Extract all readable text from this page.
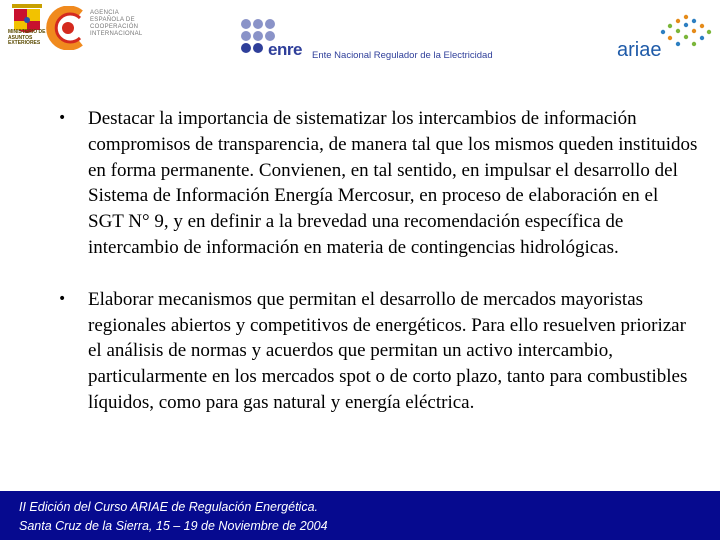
MINISTERIO DE ASUNTOS EXTERIORES
AGENCIA
ESPAÑOLA DE
COOPERACIÓN
INTERNACIONAL
enre Ente Nacional Regulador de la Electricidad	ariae
• Destacar la importancia de sistematizar los intercambios de información compromisos de transparencia, de manera tal que los mismos queden instituidos en forma permanente. Convienen, en tal sentido, en impulsar el desarrollo del Sistema de Información Energía Mercosur, en proceso de elaboración en el SGT N° 9, y en definir a la brevedad una recomendación específica de intercambio de información en materia de contingencias hidrológicas.
• Elaborar mecanismos que permitan el desarrollo de mercados mayoristas regionales abiertos y competitivos de energéticos. Para ello resuelven priorizar el análisis de normas y acuerdos que permitan un activo intercambio, particularmente en los mercados spot o de corto plazo, tanto para combustibles líquidos, como para gas natural y energía eléctrica.
II Edición del Curso ARIAE de Regulación Energética.
Santa Cruz de la Sierra, 15 – 19 de Noviembre de 2004
